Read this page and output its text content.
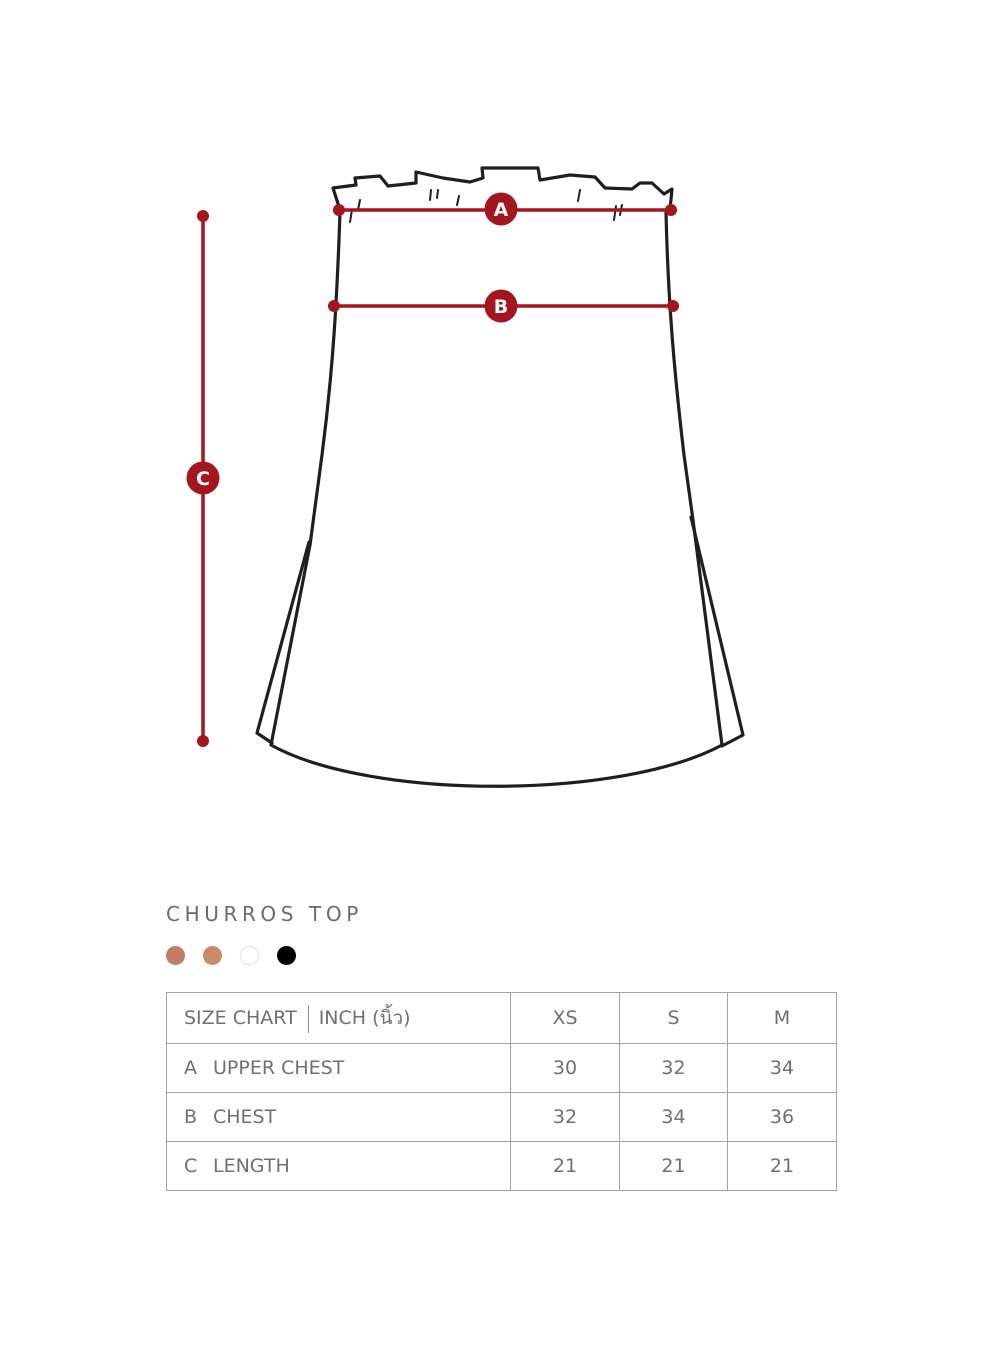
A
B
C
CHURROS TOP
SIZE CHART INCH (นิ้ว)	XS	S	M
A UPPER CHEST	30	32	34
B CHEST	32	34	36
C LENGTH	21	21	21
